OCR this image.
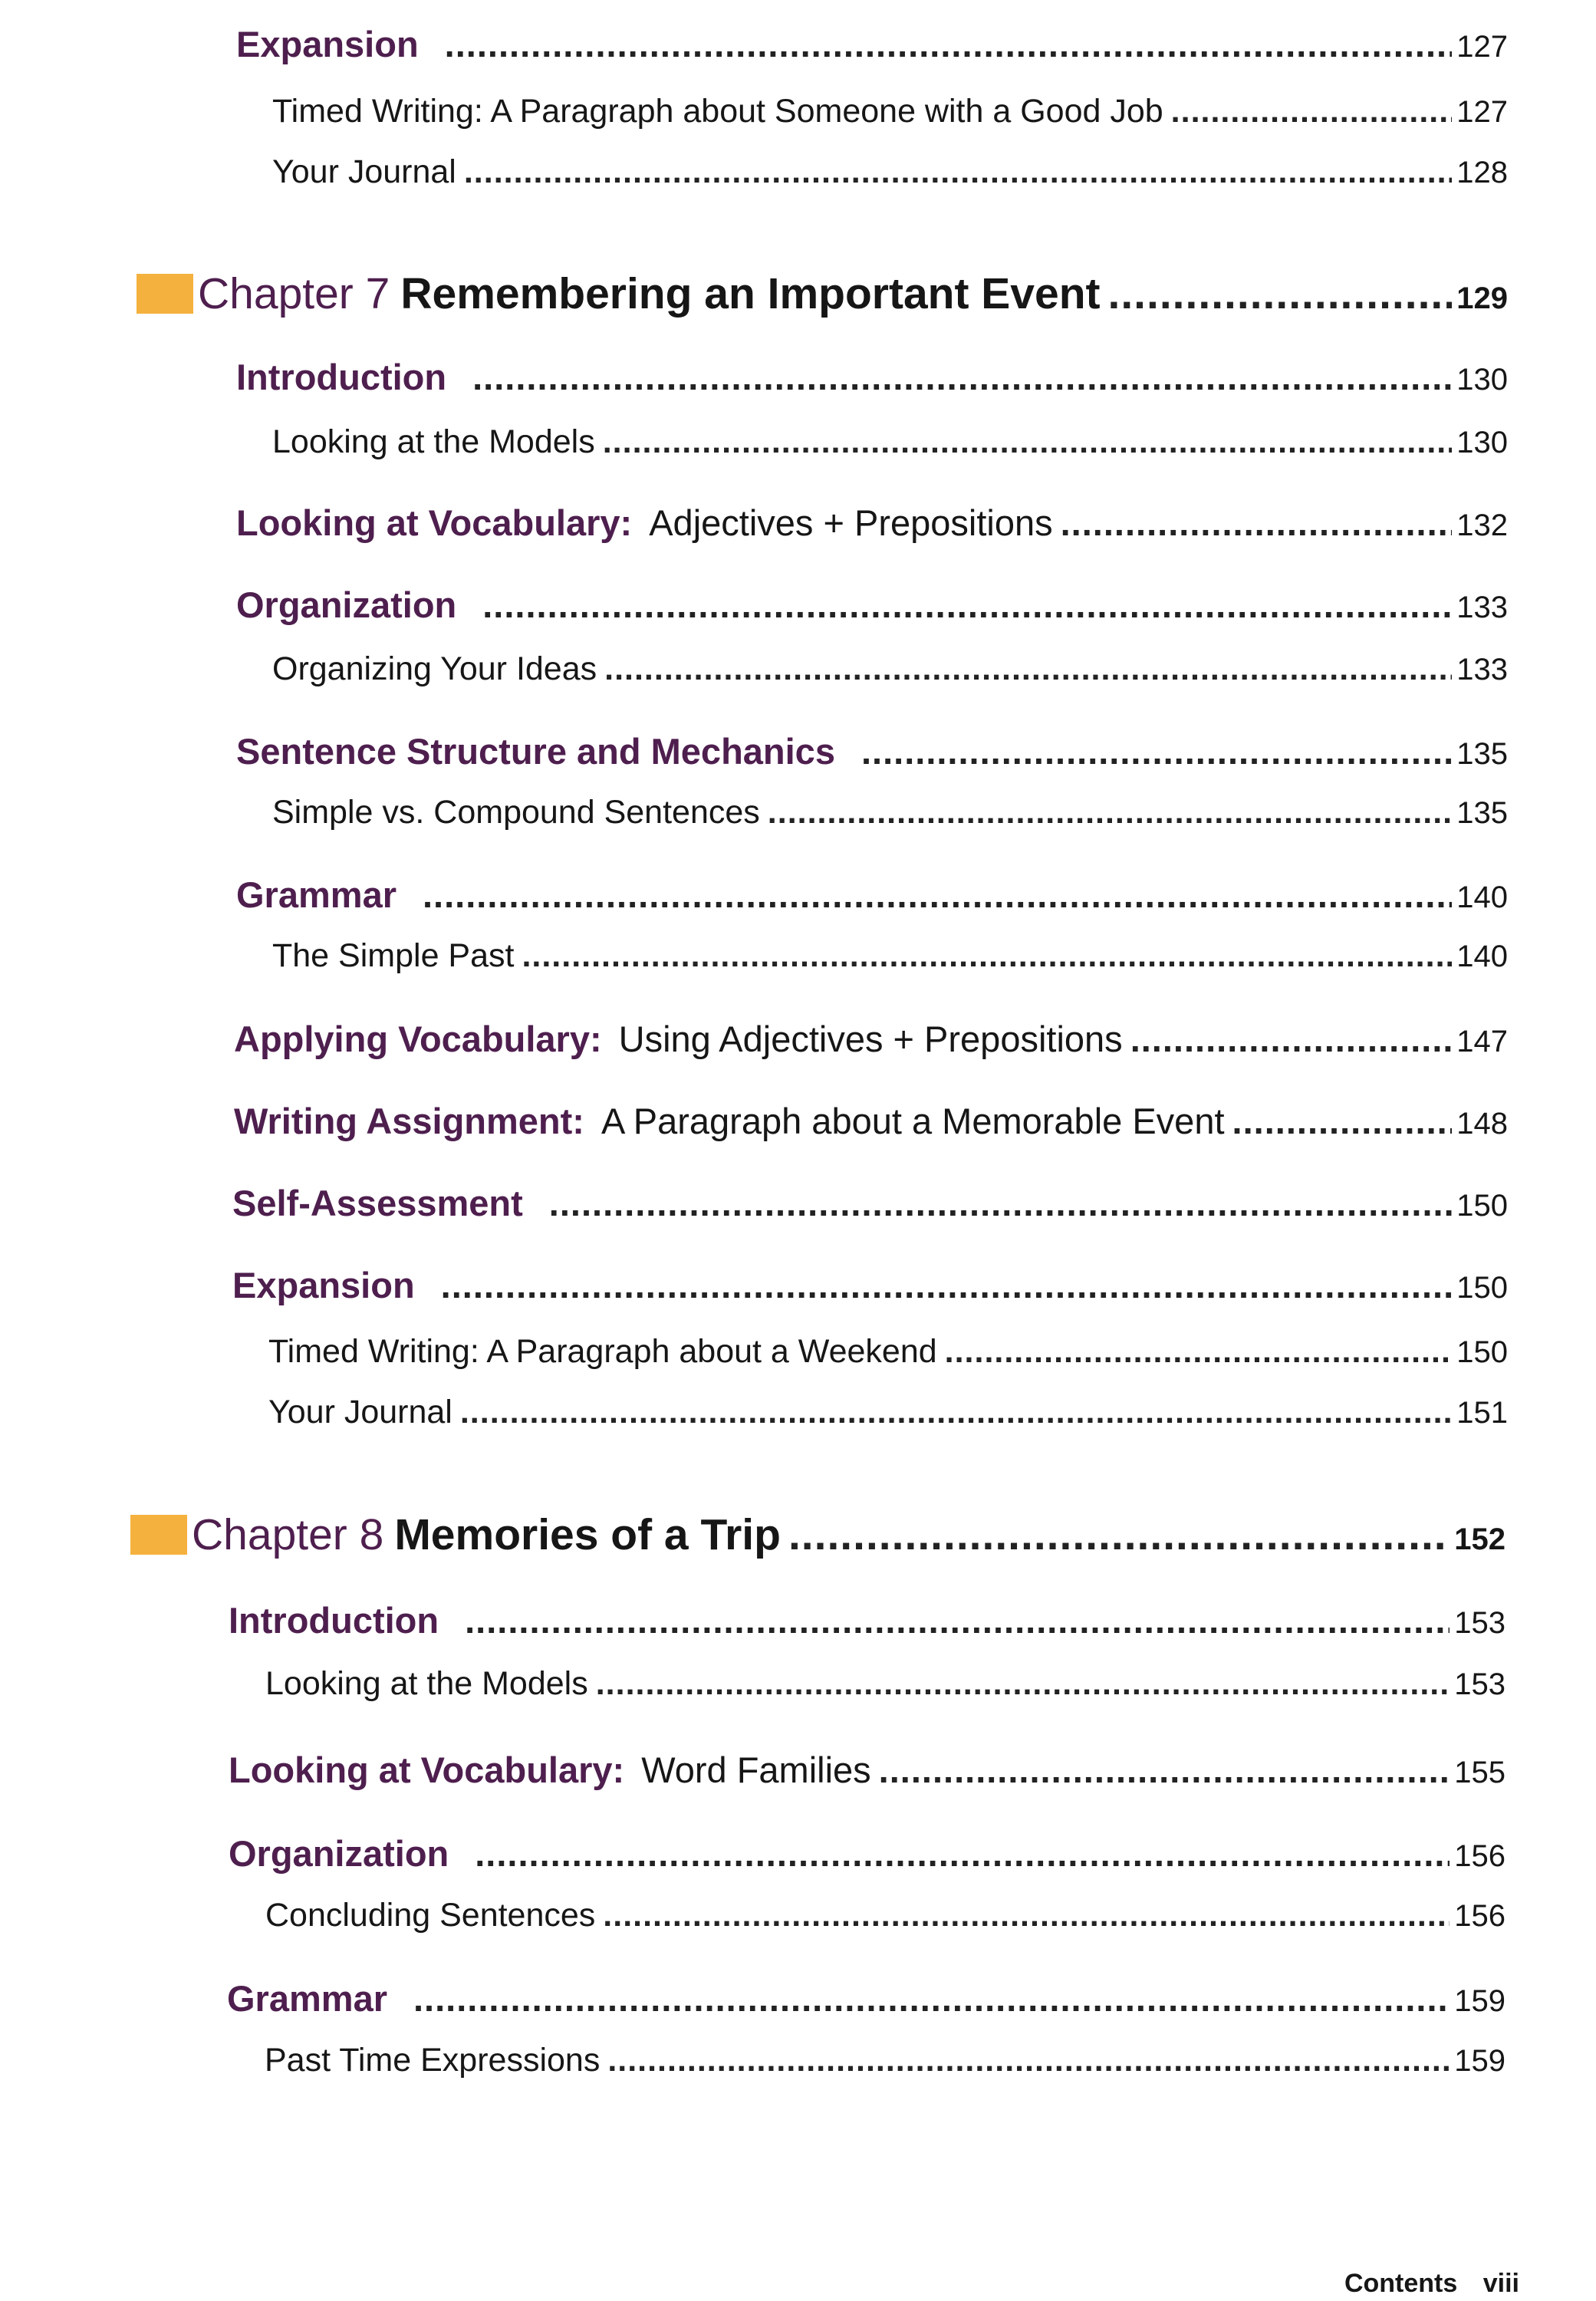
Expansion .....	127
Timed Writing: A Paragraph about Someone with a Good Job .....	127
Your Journal .....	128
Chapter 7 Remembering an Important Event .....	129
Introduction .....	130
Looking at the Models .....	130
Looking at Vocabulary: Adjectives + Prepositions .....	132
Organization .....	133
Organizing Your Ideas .....	133
Sentence Structure and Mechanics .....	135
Simple vs. Compound Sentences .....	135
Grammar .....	140
The Simple Past .....	140
Applying Vocabulary: Using Adjectives + Prepositions .....	147
Writing Assignment: A Paragraph about a Memorable Event .....	148
Self-Assessment .....	150
Expansion .....	150
Timed Writing: A Paragraph about a Weekend .....	150
Your Journal .....	151
Chapter 8 Memories of a Trip .....	152
Introduction .....	153
Looking at the Models .....	153
Looking at Vocabulary: Word Families .....	155
Organization .....	156
Concluding Sentences .....	156
Grammar .....	159
Past Time Expressions .....	159
Contents viii
